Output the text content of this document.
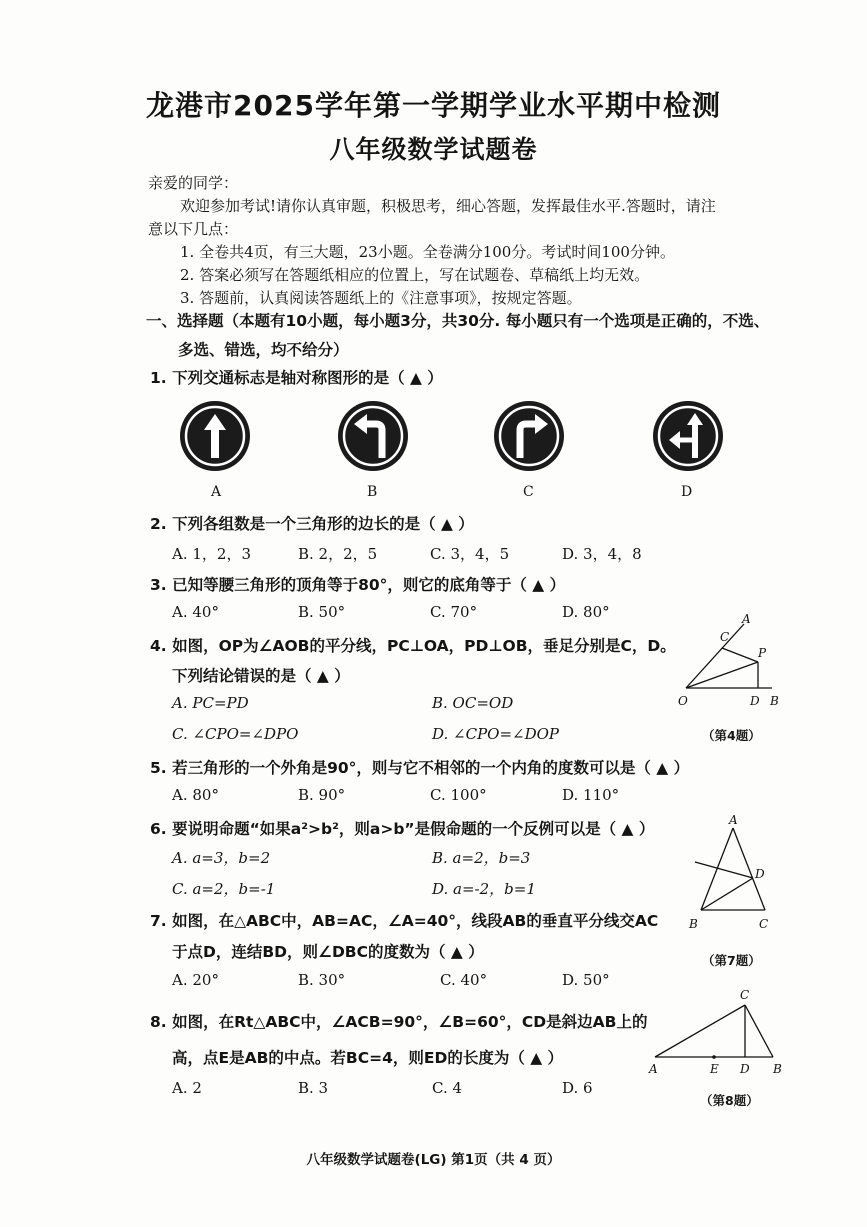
龙港市2025学年第一学期学业水平期中检测
八年级数学试题卷
亲爱的同学：
欢迎参加考试!请你认真审题，积极思考，细心答题，发挥最佳水平.答题时，请注
意以下几点：
1. 全卷共4页，有三大题，23小题。全卷满分100分。考试时间100分钟。
2. 答案必须写在答题纸相应的位置上，写在试题卷、草稿纸上均无效。
3. 答题前，认真阅读答题纸上的《注意事项》，按规定答题。
一、选择题（本题有10小题，每小题3分，共30分. 每小题只有一个选项是正确的，不选、
多选、错选，均不给分）
1. 下列交通标志是轴对称图形的是（ ▲ ）
A	B	C	D
2. 下列各组数是一个三角形的边长的是（ ▲ ）
A. 1，2，3	B. 2，2，5	C. 3，4，5	D. 3，4，8
3. 已知等腰三角形的顶角等于80°，则它的底角等于（ ▲ ）
A. 40°	B. 50°	C. 70°	D. 80°
4. 如图，OP为∠AOB的平分线，PC⊥OA，PD⊥OB，垂足分别是C，D。
下列结论错误的是（ ▲ ）
A. PC=PD	B. OC=OD
C. ∠CPO=∠DPO	D. ∠CPO=∠DOP
A
C
P
O	D B
（第4题）
5. 若三角形的一个外角是90°，则与它不相邻的一个内角的度数可以是（ ▲ ）
A. 80°	B. 90°	C. 100°	D. 110°
6. 要说明命题“如果a²>b²，则a>b”是假命题的一个反例可以是（ ▲ ）
A. a=3，b=2	B. a=2，b=3
C. a=2，b=-1	D. a=-2，b=1
7. 如图，在△ABC中，AB=AC，∠A=40°，线段AB的垂直平分线交AC
于点D，连结BD，则∠DBC的度数为（ ▲ ）
A. 20°	B. 30°	C. 40°	D. 50°
A
D
B	C
（第7题）
8. 如图，在Rt△ABC中，∠ACB=90°，∠B=60°，CD是斜边AB上的
高，点E是AB的中点。若BC=4，则ED的长度为（ ▲ ）
A. 2	B. 3	C. 4	D. 6
C
A	E D B
（第8题）
八年级数学试题卷(LG) 第1页（共 4 页）
